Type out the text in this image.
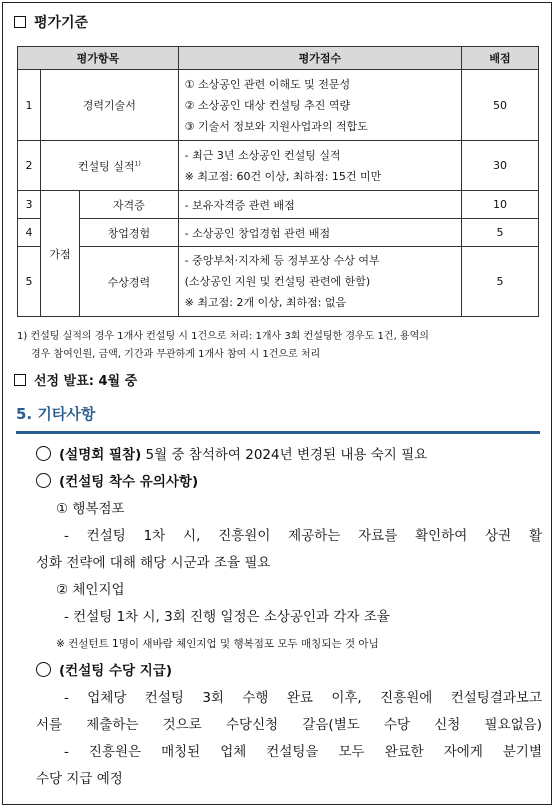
평가기준
평가항목			평가점수	배점
1	경력기술서		① 소상공인 관련 이해도 및 전문성
② 소상공인 대상 컨설팅 추진 역량
③ 기술서 정보와 지원사업과의 적합도	50
2	컨설팅 실적$^{1)}$		- 최근 3년 소상공인 컨설팅 실적
※ 최고점: 60건 이상, 최하점: 15건 미만	30
3	가점	자격증	- 보유자격증 관련 배점	10
4		창업경험	- 소상공인 창업경험 관련 배점	5
5		수상경력	- 중앙부처·지자체 등 정부포상 수상 여부
(소상공인 지원 및 컨설팅 관련에 한함)
※ 최고점: 2개 이상, 최하점: 없음	5
1) 컨설팅 실적의 경우 1개사 컨설팅 시 1건으로 처리: 1개사 3회 컨설팅한 경우도 1건, 용역의
경우 참여인원, 금액, 기간과 무관하게 1개사 참여 시 1건으로 처리
선정 발표: 4월 중
5. 기타사항
(설명회 필참) 5월 중 참석하여 2024년 변경된 내용 숙지 필요
(컨설팅 착수 유의사항)
① 행복점포
- 컨설팅 1차 시, 진흥원이 제공하는 자료를 확인하여 상권 활
성화 전략에 대해 해당 시군과 조율 필요
② 체인지업
- 컨설팅 1차 시, 3회 진행 일정은 소상공인과 각자 조율
※ 컨설턴트 1명이 새바람 체인지업 및 행복점포 모두 매칭되는 것 아님
(컨설팅 수당 지급)
- 업체당 컨설팅 3회 수행 완료 이후, 진흥원에 컨설팅결과보고
서를 제출하는 것으로 수당신청 갈음(별도 수당 신청 필요없음)
- 진흥원은 매칭된 업체 컨설팅을 모두 완료한 자에게 분기별
수당 지급 예정
